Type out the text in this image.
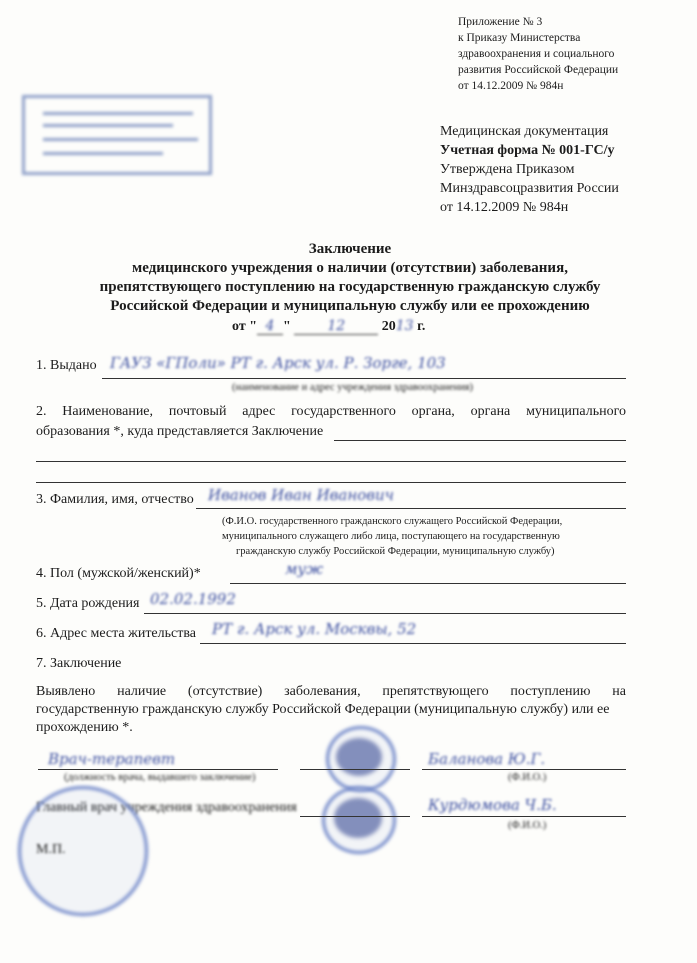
Приложение № 3
к Приказу Министерства
здравоохранения и социального
развития Российской Федерации
от 14.12.2009 № 984н
Медицинская документация
Учетная форма № 001-ГС/у
Утверждена Приказом
Минздравсоцразвития России
от 14.12.2009 № 984н
Заключение
медицинского учреждения о наличии (отсутствии) заболевания,
препятствующего поступлению на государственную гражданскую службу
Российской Федерации и муниципальную службу или ее прохождению
от " 4 "	12	2013 г.
1. Выдано ГАУЗ «ГПоли» РТ г. Аpск ул. Р. Зорге, 103
(наименование и адрес учреждения здравоохранения)
2. Наименование, почтовый адрес государственного органа, органа муниципального
образования *, куда представляется Заключение
3. Фамилия, имя, отчество Иванов Иван Иванович
(Ф.И.О. государственного гражданского служащего Российской Федерации,
муниципального служащего либо лица, поступающего на государственную
гражданскую службу Российской Федерации, муниципальную службу)
4. Пол (мужской/женский)*	муж
5. Дата рождения 02.02.1992
6. Адрес места жительства РТ г. Аpск ул. Москвы, 52
7. Заключение
Выявлено наличие (отсутствие) заболевания, препятствующего поступлению на
государственную гражданскую службу Российской Федерации (муниципальную службу) или ее
прохождению *.
Врач-терапевт
(должность врача, выдавшего заключение)
Баланова Ю.Г.
(Ф.И.О.)
Главный врач учреждения здравоохранения	Курдюмова Ч.Б.
(Ф.И.О.)
М.П.
